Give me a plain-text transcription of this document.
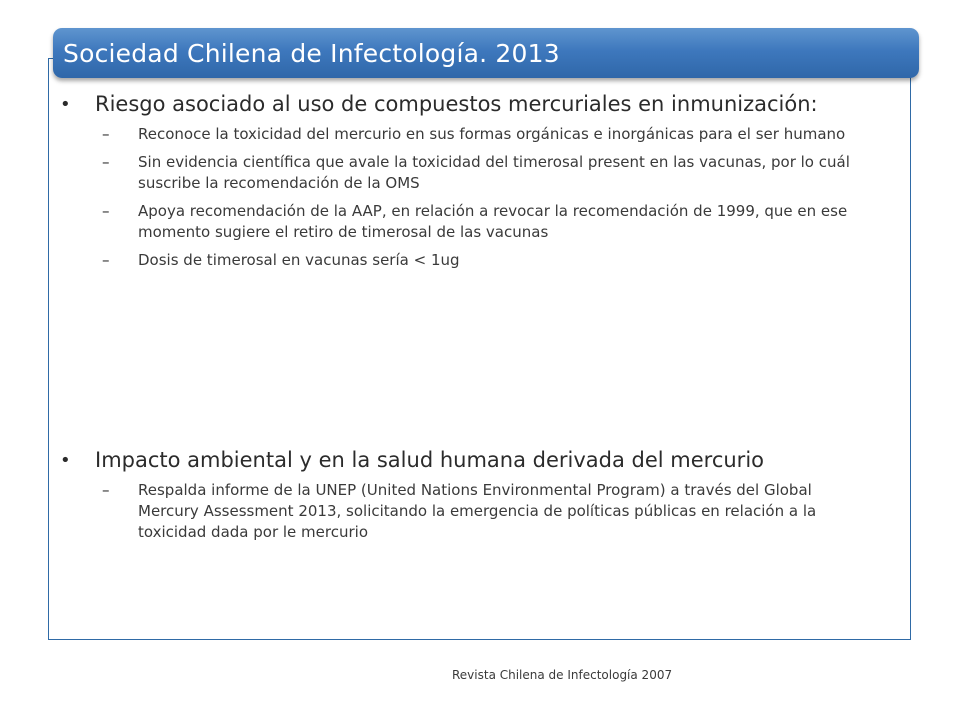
Sociedad Chilena de Infectología. 2013
•	Riesgo asociado al uso de compuestos mercuriales en inmunización:
–	Reconoce la toxicidad del mercurio en sus formas orgánicas e inorgánicas para el ser humano
–	Sin evidencia científica que avale la toxicidad del timerosal present en las vacunas, por lo cuál suscribe la recomendación de la OMS
–	Apoya recomendación de la AAP, en relación a revocar la recomendación de 1999, que en ese momento sugiere el retiro de timerosal de las vacunas
–	Dosis de timerosal en vacunas sería < 1ug
•	Impacto ambiental y en la salud humana derivada del mercurio
–	Respalda informe de la UNEP (United Nations Environmental Program) a través del Global Mercury Assessment 2013, solicitando la emergencia de políticas públicas en relación a la toxicidad dada por le mercurio
Revista Chilena de Infectología 2007
